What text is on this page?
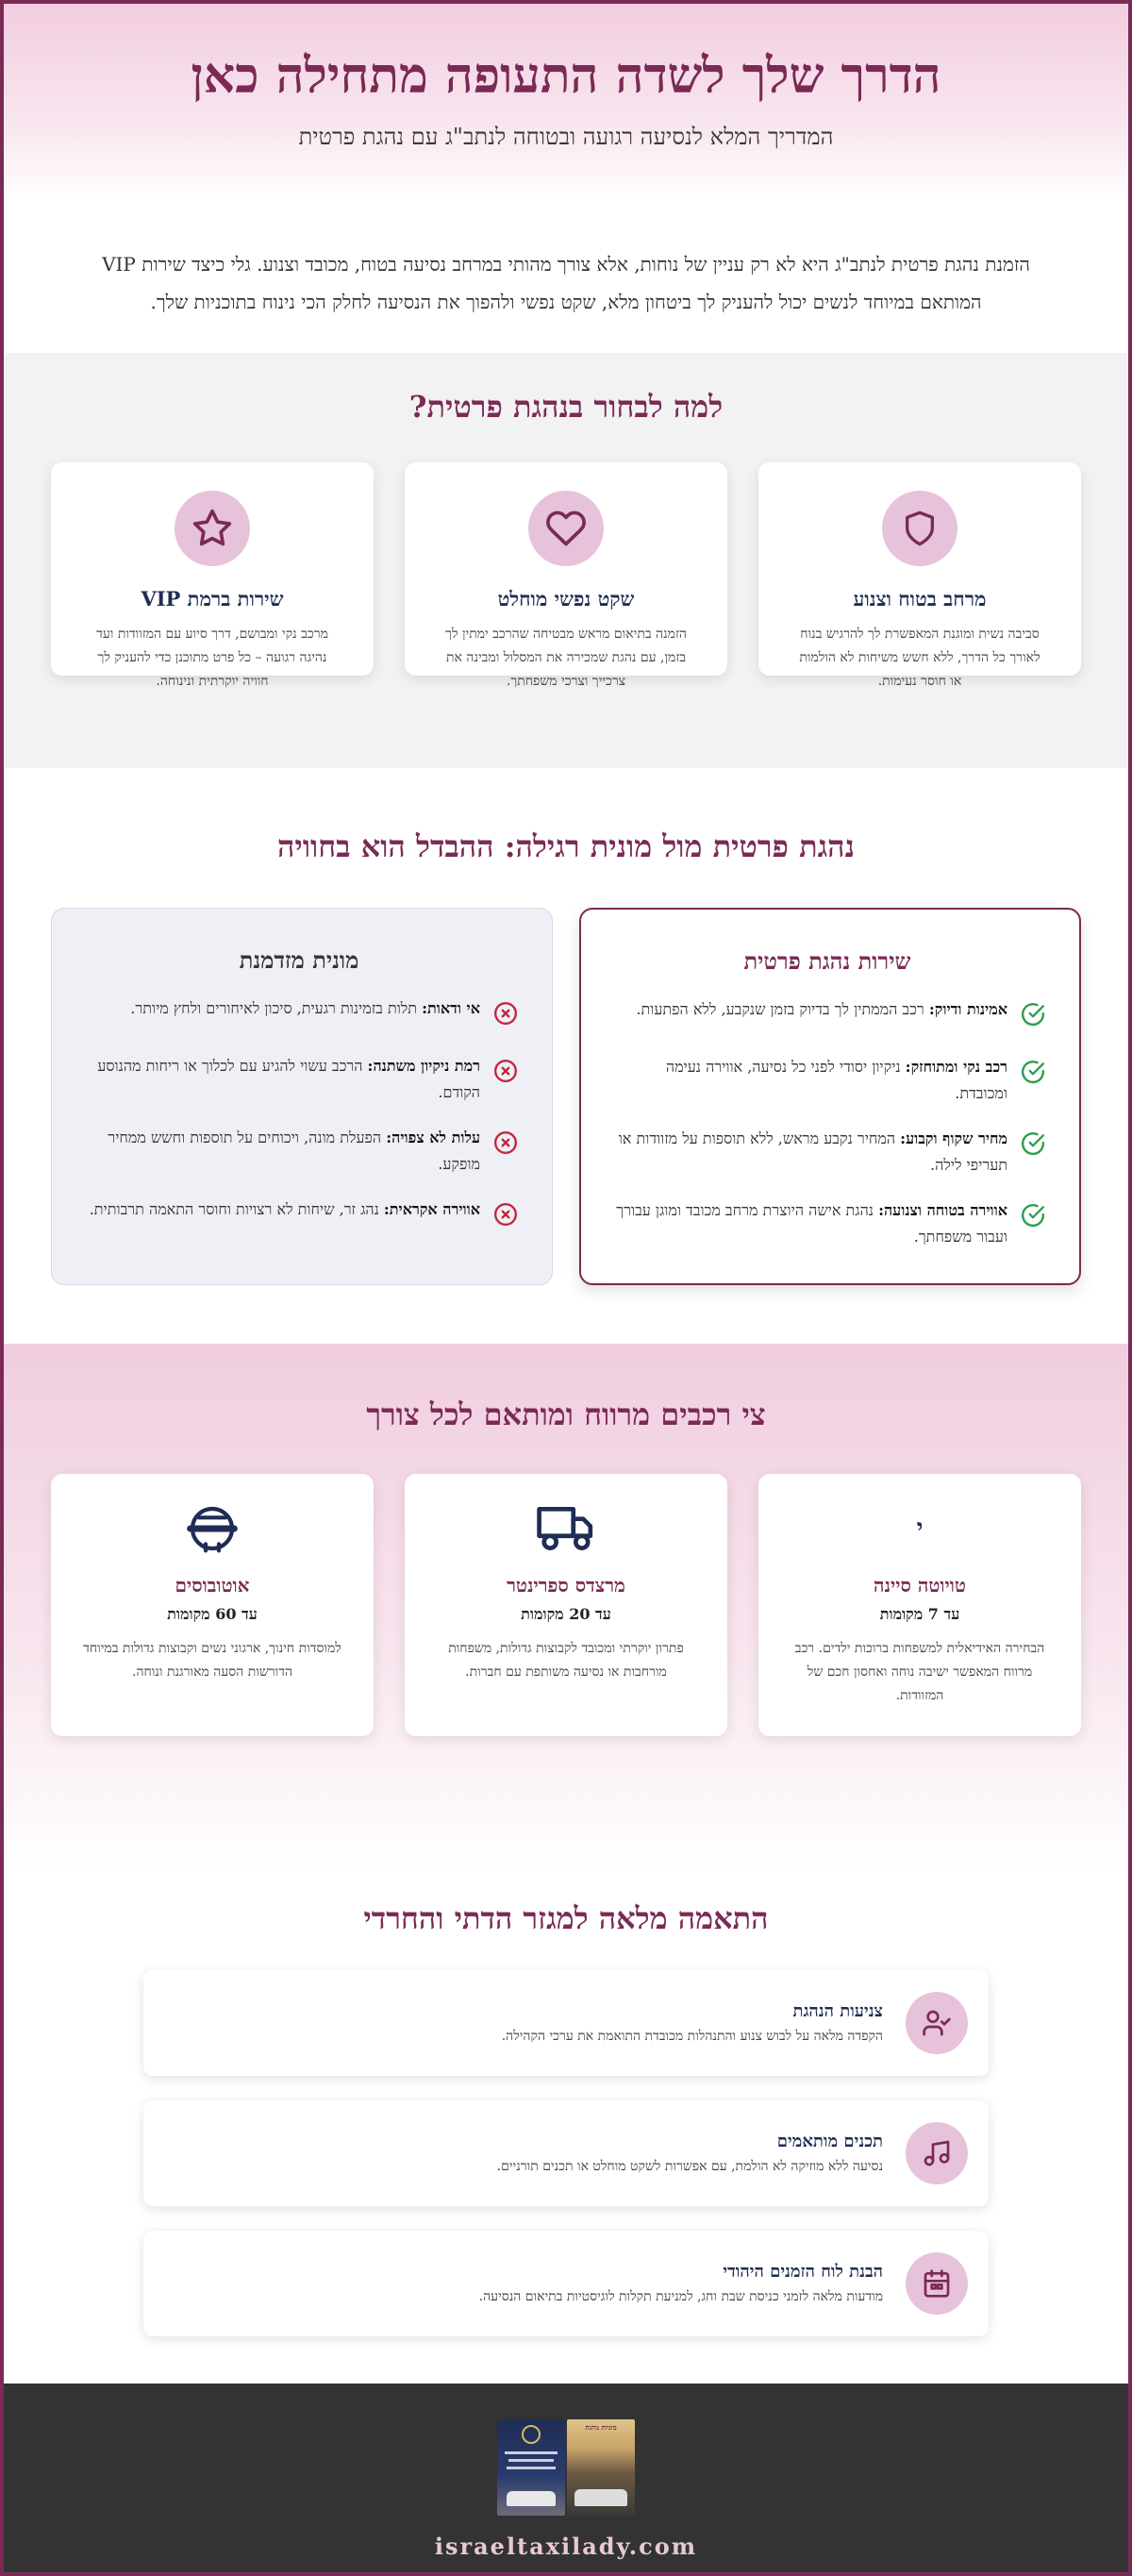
הדרך שלך לשדה התעופה מתחילה כאן
המדריך המלא לנסיעה רגועה ובטוחה לנתב"ג עם נהגת פרטית

הזמנת נהגת פרטית לנתב"ג היא לא רק עניין של נוחות, אלא צורך מהותי במרחב נסיעה בטוח, מכובד וצנוע. גלי כיצד שירות VIP המותאם במיוחד לנשים יכול להעניק לך ביטחון מלא, שקט נפשי ולהפוך את הנסיעה לחלק הכי נינוח בתוכניות שלך.

למה לבחור בנהגת פרטית?
מרחב בטוח וצנוע

סביבה נשית ומוגנת המאפשרת לך להרגיש בנוח לאורך כל הדרך, ללא חשש משיחות לא הולמות או חוסר נעימות.

שקט נפשי מוחלט

הזמנה בתיאום מראש מבטיחה שהרכב ימתין לך בזמן, עם נהגת שמכירה את המסלול ומבינה את צרכייך וצרכי משפחתך.

שירות ברמת VIP

מרכב נקי ומבושם, דרך סיוע עם המזוודות ועד נהיגה רגועה – כל פרט מתוכנן כדי להעניק לך חוויה יוקרתית ונינוחה.

נהגת פרטית מול מונית רגילה: ההבדל הוא בחוויה
שירות נהגת פרטית
אמינות ודיוק: רכב הממתין לך בדיוק בזמן שנקבע, ללא הפתעות.
רכב נקי ומתוחזק: ניקיון יסודי לפני כל נסיעה, אווירה נעימה ומכובדת.
מחיר שקוף וקבוע: המחיר נקבע מראש, ללא תוספות על מזוודות או תעריפי לילה.
אווירה בטוחה וצנועה: נהגת אישה היוצרת מרחב מכובד ומוגן עבורך ועבור משפחתך.
מונית מזדמנת
אי ודאות: תלות בזמינות רגעית, סיכון לאיחורים ולחץ מיותר.
רמת ניקיון משתנה: הרכב עשוי להגיע עם לכלוך או ריחות מהנוסע הקודם.
עלות לא צפויה: הפעלת מונה, ויכוחים על תוספות וחשש ממחיר מופקע.
אווירה אקראית: נהג זר, שיחות לא רצויות וחוסר התאמה תרבותית.
צי רכבים מרווח ומותאם לכל צורך
י
טויוטה סיינה
עד 7 מקומות

הבחירה האידיאלית למשפחות ברוכות ילדים. רכב מרווח המאפשר ישיבה נוחה ואחסון חכם של המזוודות.

מרצדס ספרינטר
עד 20 מקומות

פתרון יוקרתי ומכובד לקבוצות גדולות, משפחות מורחבות או נסיעה משותפת עם חברות.

אוטובוסים
עד 60 מקומות

למוסדות חינוך, ארגוני נשים וקבוצות גדולות במיוחד הדורשות הסעה מאורגנת ונוחה.

התאמה מלאה למגזר הדתי והחרדי
צניעות הנהגת

הקפדה מלאה על לבוש צנוע והתנהלות מכובדת התואמת את ערכי הקהילה.

תכנים מותאמים

נסיעה ללא מוזיקה לא הולמת, עם אפשרות לשקט מוחלט או תכנים תורניים.

הבנת לוח הזמנים היהודי

מודעות מלאה לזמני כניסת שבת וחג, למניעת תקלות לוגיסטיות בתיאום הנסיעה.

מוניות נוהגת
israeltaxilady.com
